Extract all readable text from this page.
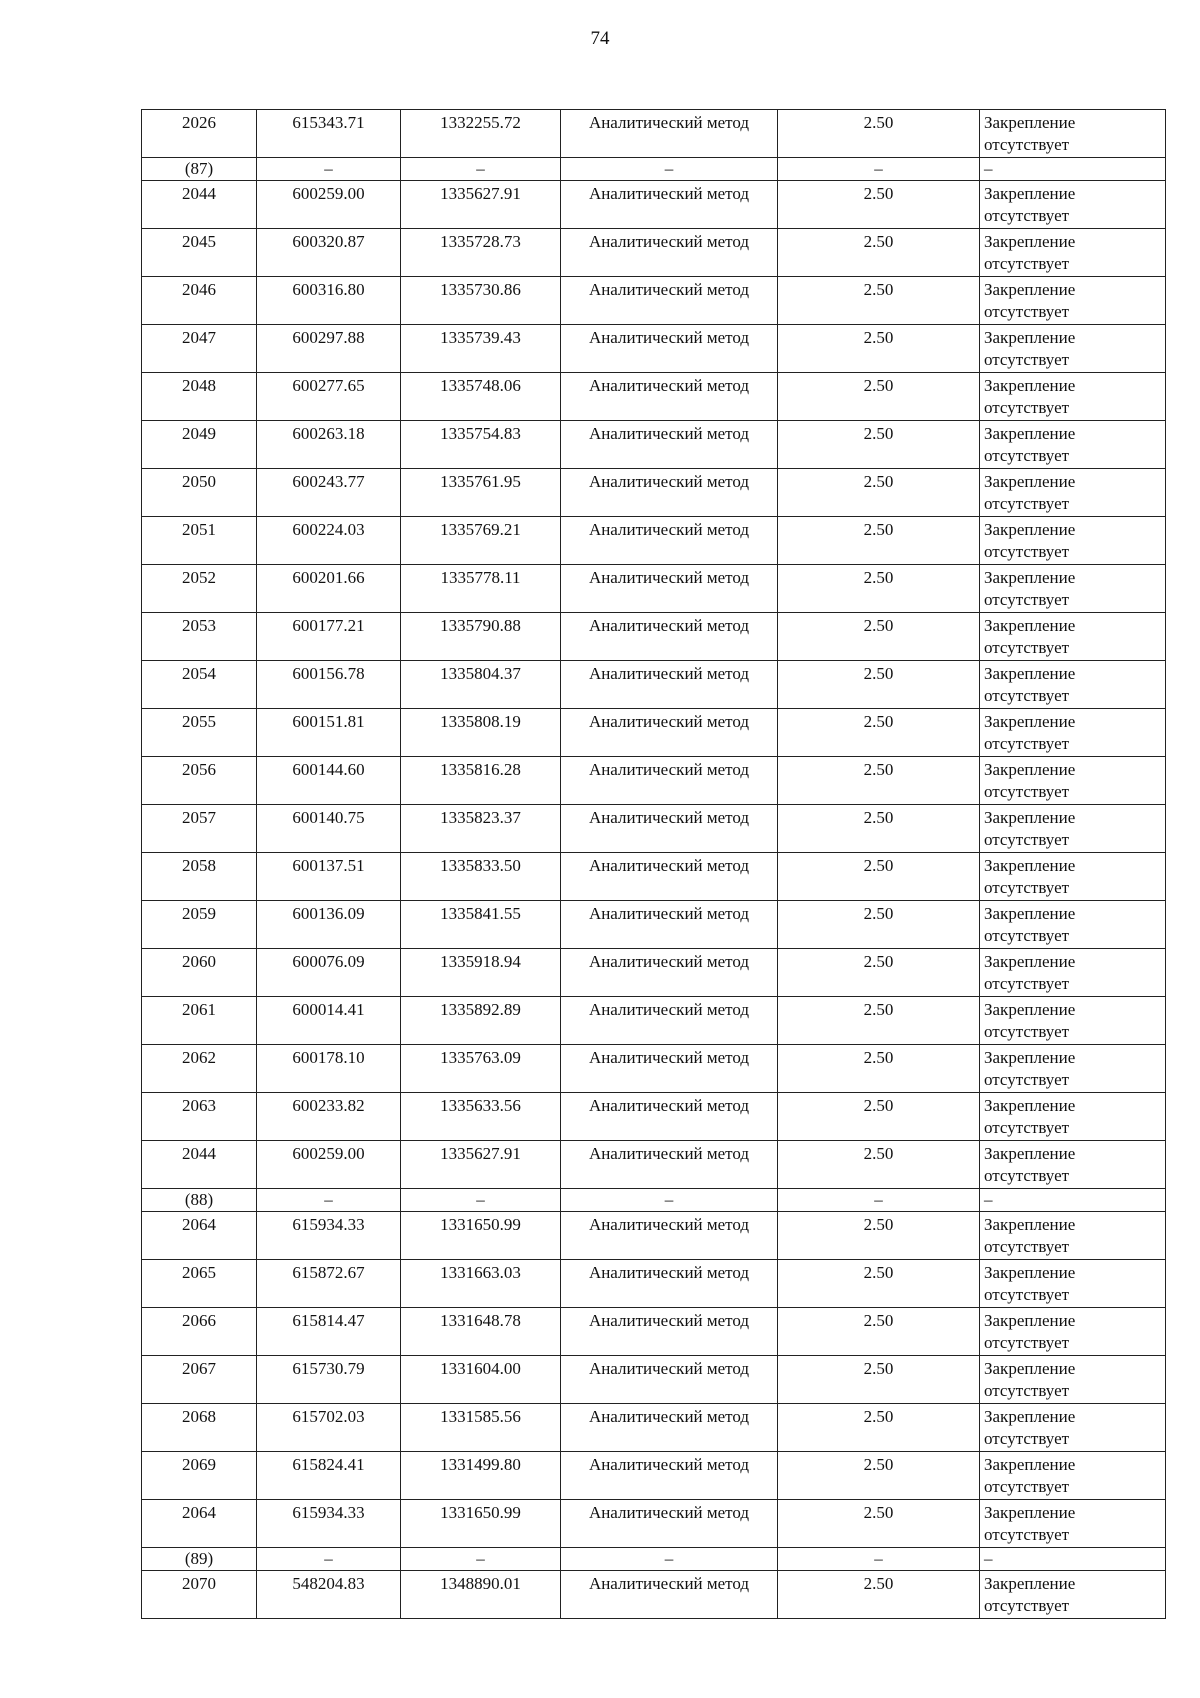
74
2026	615343.71	1332255.72	Аналитический метод	2.50	Закрепление отсутствует
(87)	–	–	–	–	–
2044	600259.00	1335627.91	Аналитический метод	2.50	Закрепление отсутствует
2045	600320.87	1335728.73	Аналитический метод	2.50	Закрепление отсутствует
2046	600316.80	1335730.86	Аналитический метод	2.50	Закрепление отсутствует
2047	600297.88	1335739.43	Аналитический метод	2.50	Закрепление отсутствует
2048	600277.65	1335748.06	Аналитический метод	2.50	Закрепление отсутствует
2049	600263.18	1335754.83	Аналитический метод	2.50	Закрепление отсутствует
2050	600243.77	1335761.95	Аналитический метод	2.50	Закрепление отсутствует
2051	600224.03	1335769.21	Аналитический метод	2.50	Закрепление отсутствует
2052	600201.66	1335778.11	Аналитический метод	2.50	Закрепление отсутствует
2053	600177.21	1335790.88	Аналитический метод	2.50	Закрепление отсутствует
2054	600156.78	1335804.37	Аналитический метод	2.50	Закрепление отсутствует
2055	600151.81	1335808.19	Аналитический метод	2.50	Закрепление отсутствует
2056	600144.60	1335816.28	Аналитический метод	2.50	Закрепление отсутствует
2057	600140.75	1335823.37	Аналитический метод	2.50	Закрепление отсутствует
2058	600137.51	1335833.50	Аналитический метод	2.50	Закрепление отсутствует
2059	600136.09	1335841.55	Аналитический метод	2.50	Закрепление отсутствует
2060	600076.09	1335918.94	Аналитический метод	2.50	Закрепление отсутствует
2061	600014.41	1335892.89	Аналитический метод	2.50	Закрепление отсутствует
2062	600178.10	1335763.09	Аналитический метод	2.50	Закрепление отсутствует
2063	600233.82	1335633.56	Аналитический метод	2.50	Закрепление отсутствует
2044	600259.00	1335627.91	Аналитический метод	2.50	Закрепление отсутствует
(88)	–	–	–	–	–
2064	615934.33	1331650.99	Аналитический метод	2.50	Закрепление отсутствует
2065	615872.67	1331663.03	Аналитический метод	2.50	Закрепление отсутствует
2066	615814.47	1331648.78	Аналитический метод	2.50	Закрепление отсутствует
2067	615730.79	1331604.00	Аналитический метод	2.50	Закрепление отсутствует
2068	615702.03	1331585.56	Аналитический метод	2.50	Закрепление отсутствует
2069	615824.41	1331499.80	Аналитический метод	2.50	Закрепление отсутствует
2064	615934.33	1331650.99	Аналитический метод	2.50	Закрепление отсутствует
(89)	–	–	–	–	–
2070	548204.83	1348890.01	Аналитический метод	2.50	Закрепление отсутствует
